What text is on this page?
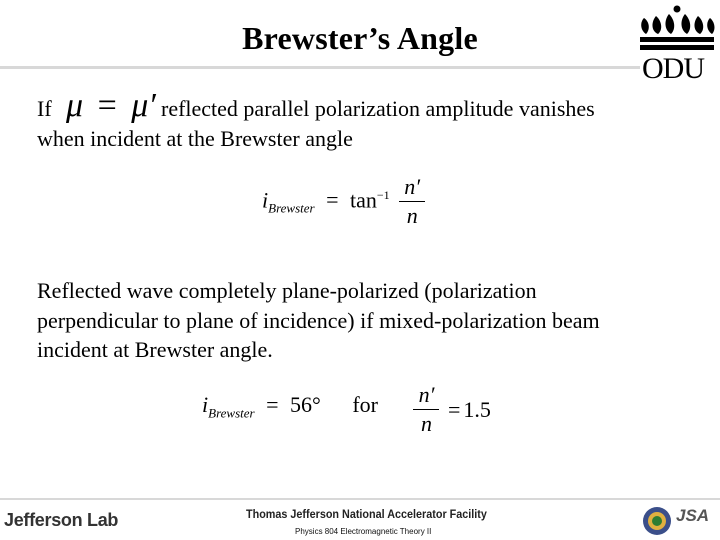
Brewster’s Angle
ODU
If μ = μ′ reflected parallel polarization amplitude vanishes
when incident at the Brewster angle
$i_{Brewster} = \tan^{-1} \frac{n'}{n}$
Reflected wave completely plane-polarized (polarization
perpendicular to plane of incidence) if mixed-polarization beam
incident at Brewster angle.
$i_{Brewster} = 56^\circ$ for $\frac{n'}{n} = 1.5$
Jefferson Lab	Thomas Jefferson National Accelerator Facility
Physics 804 Electromagnetic Theory II
JSA
